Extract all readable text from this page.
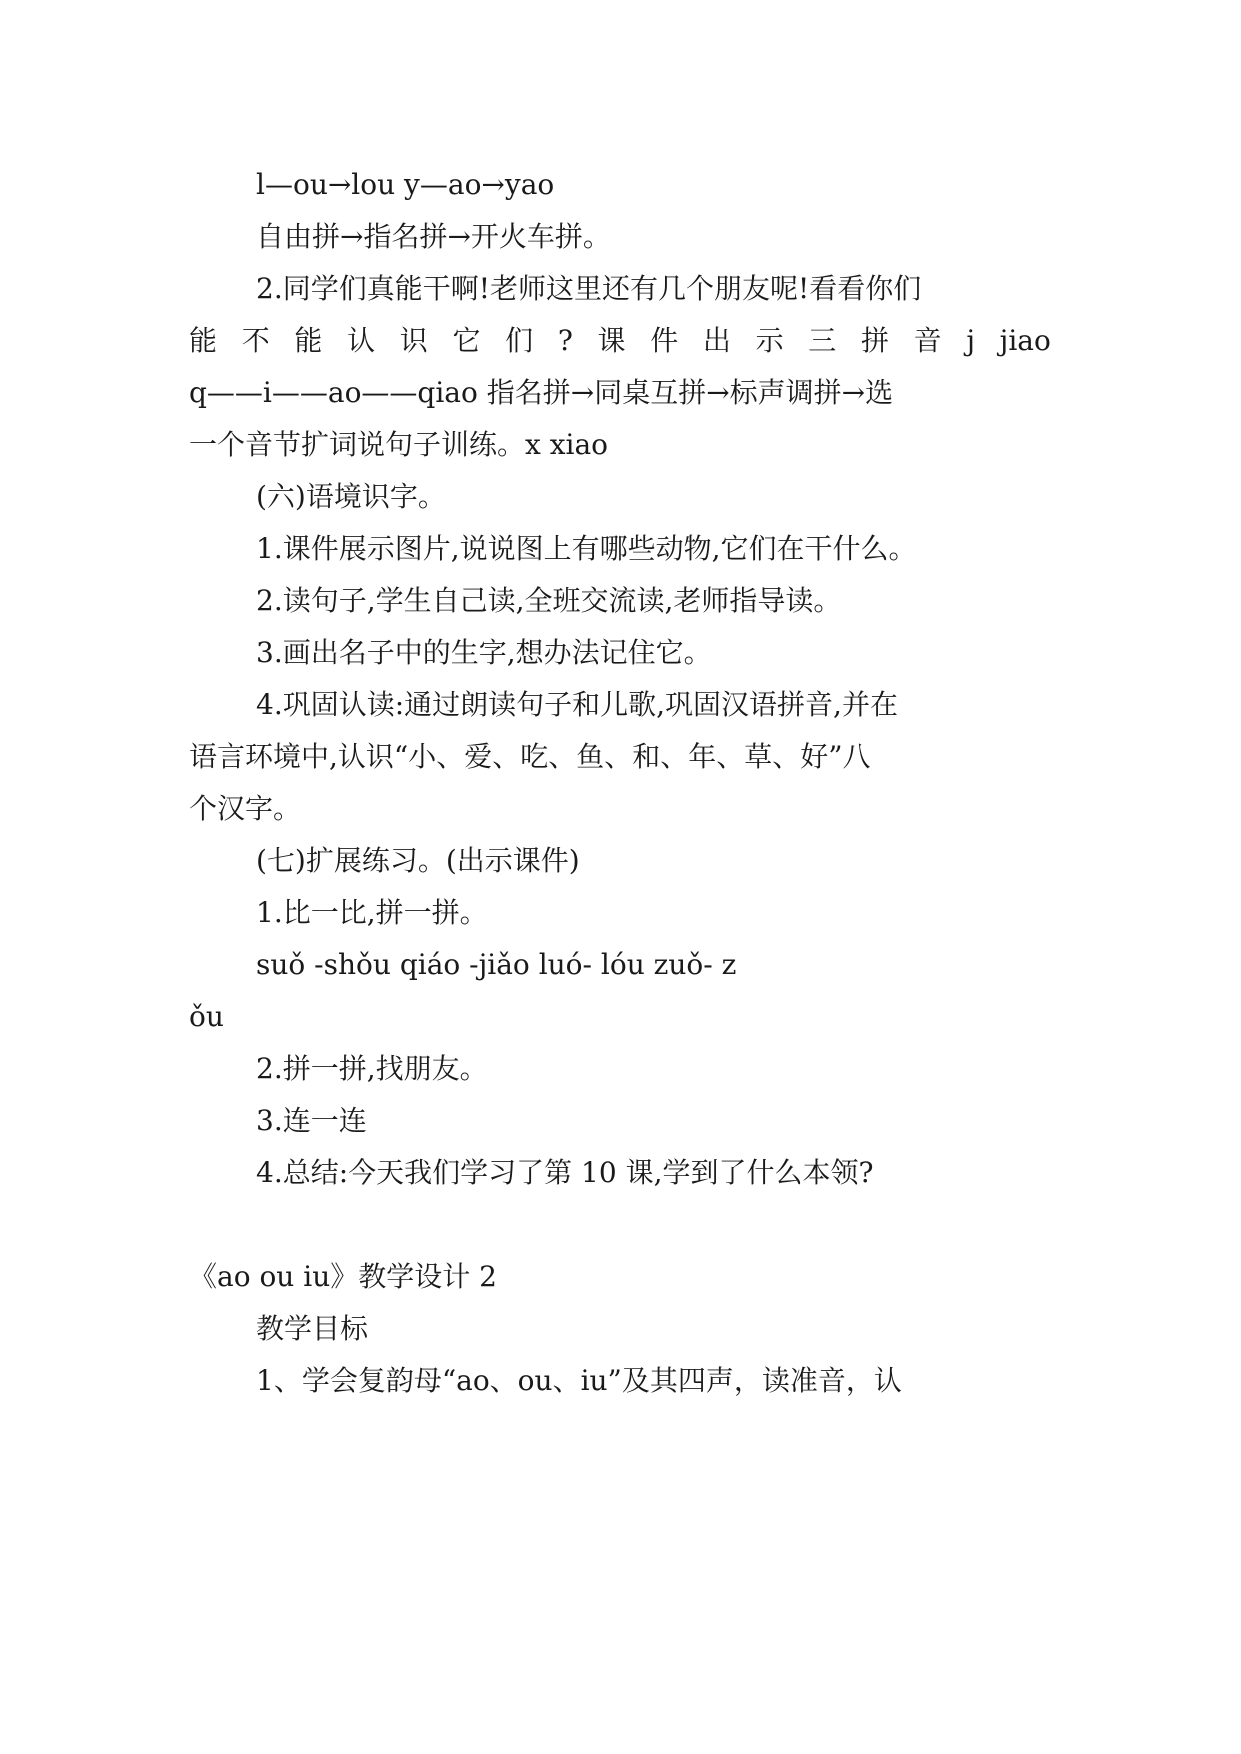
l—ou→lou y—ao→yao
自由拼→指名拼→开火车拼。
2.同学们真能干啊!老师这里还有几个朋友呢!看看你们
能 不 能 认 识 它 们 ? 课 件 出 示 三 拼 音 j jiao
q——i——ao——qiao 指名拼→同桌互拼→标声调拼→选
一个音节扩词说句子训练。x xiao
(六)语境识字。
1.课件展示图片,说说图上有哪些动物,它们在干什么。
2.读句子,学生自己读,全班交流读,老师指导读。
3.画出名子中的生字,想办法记住它。
4.巩固认读:通过朗读句子和儿歌,巩固汉语拼音,并在
语言环境中,认识“小、爱、吃、鱼、和、年、草、好”八
个汉字。
(七)扩展练习。(出示课件)
1.比一比,拼一拼。
suǒ -shǒu qiáo -jiǎo luó- lóu zuǒ- z
ǒu
2.拼一拼,找朋友。
3.连一连
4.总结:今天我们学习了第 10 课,学到了什么本领?
《ao ou iu》教学设计 2
教学目标
1、学会复韵母“ao、ou、iu”及其四声，读准音，认
